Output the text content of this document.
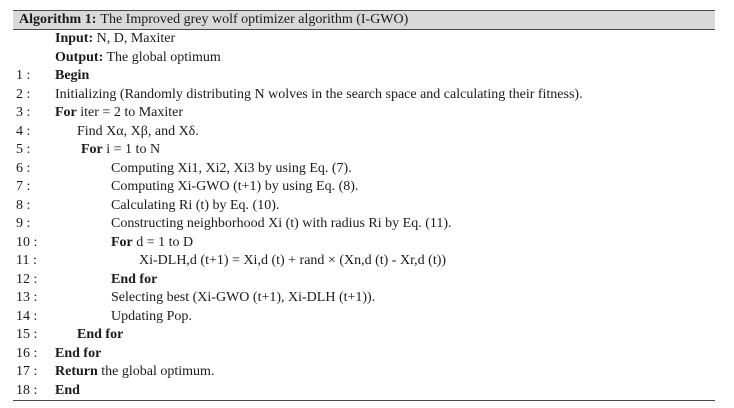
Algorithm 1: The Improved grey wolf optimizer algorithm (I-GWO)
Input: N, D, Maxiter
Output: The global optimum
1 :	Begin
2 :	Initializing (Randomly distributing N wolves in the search space and calculating their fitness).
3 :	For iter = 2 to Maxiter
4 :	Find Xα, Xβ, and Xδ.
5 :	For i = 1 to N
6 :	Computing Xi1, Xi2, Xi3 by using Eq. (7).
7 :	Computing Xi-GWO (t+1) by using Eq. (8).
8 :	Calculating Ri (t) by Eq. (10).
9 :	Constructing neighborhood Xi (t) with radius Ri by Eq. (11).
10 :	For d = 1 to D
11 :	Xi-DLH,d (t+1) = Xi,d (t) + rand × (Xn,d (t) - Xr,d (t))
12 :	End for
13 :	Selecting best (Xi-GWO (t+1), Xi-DLH (t+1)).
14 :	Updating Pop.
15 :	End for
16 :	End for
17 :	Return the global optimum.
18 :	End
